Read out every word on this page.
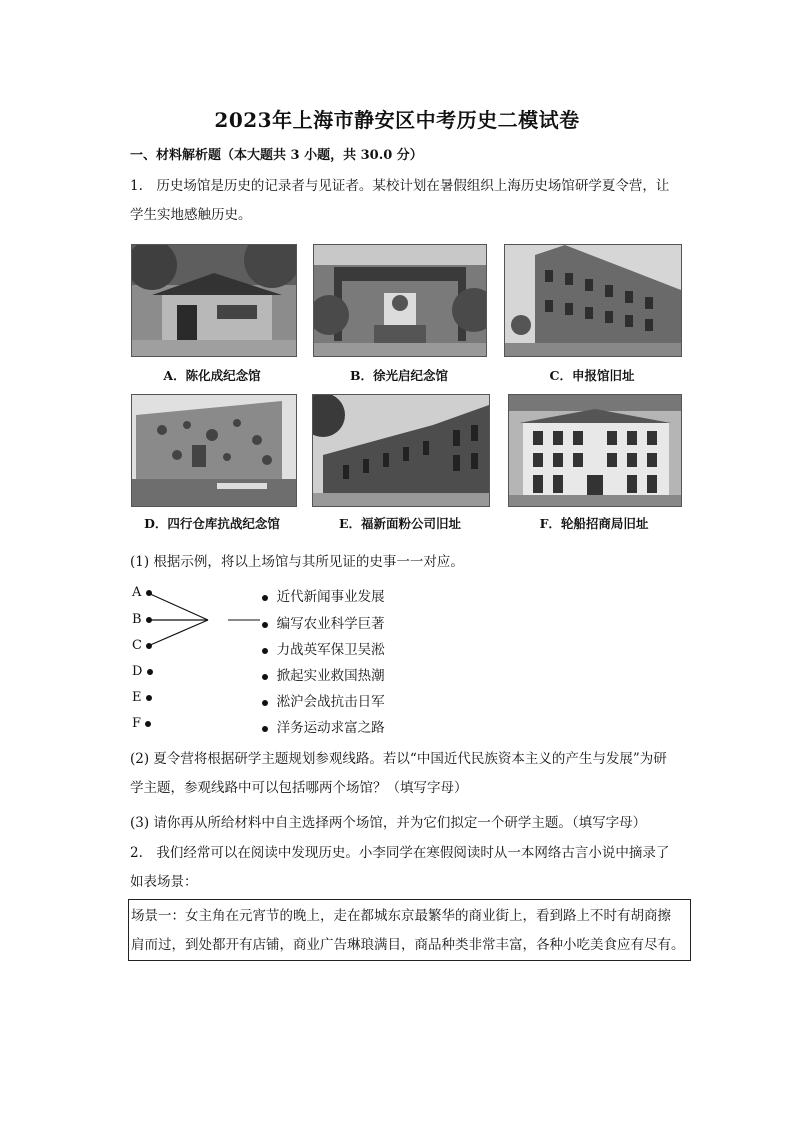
2023年上海市静安区中考历史二模试卷
一、材料解析题（本大题共 3 小题，共 30.0 分）
1.　历史场馆是历史的记录者与见证者。某校计划在暑假组织上海历史场馆研学夏令营，让
学生实地感触历史。
A．陈化成纪念馆	B．徐光启纪念馆	C．申报馆旧址
D．四行仓库抗战纪念馆	E．福新面粉公司旧址	F．轮船招商局旧址
(1) 根据示例，将以上场馆与其所见证的史事一一对应。
A
B
C
D
E
F
近代新闻事业发展
编写农业科学巨著
力战英军保卫吴淞
掀起实业救国热潮
淞沪会战抗击日军
洋务运动求富之路
(2) 夏令营将根据研学主题规划参观线路。若以“中国近代民族资本主义的产生与发展”为研
学主题，参观线路中可以包括哪两个场馆？（填写字母）
(3) 请你再从所给材料中自主选择两个场馆，并为它们拟定一个研学主题。（填写字母）
2.　我们经常可以在阅读中发现历史。小李同学在寒假阅读时从一本网络古言小说中摘录了
如表场景：
场景一：女主角在元宵节的晚上，走在都城东京最繁华的商业街上，看到路上不时有胡商擦
肩而过，到处都开有店铺，商业广告琳琅满目，商品种类非常丰富，各种小吃美食应有尽有。
